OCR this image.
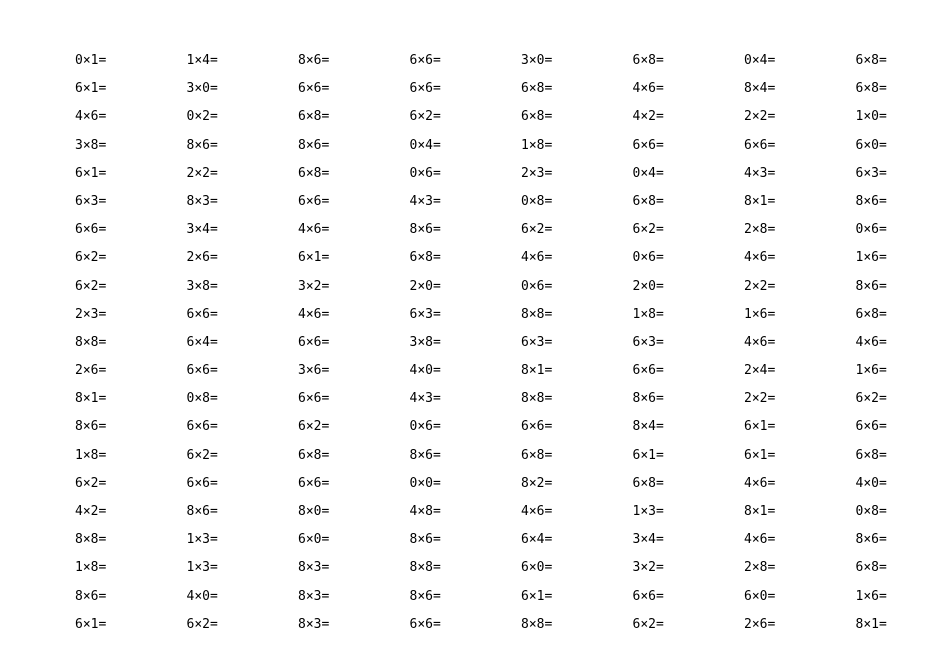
0×1=	1×4=	8×6=	6×6=	3×0=	6×8=	0×4=	6×8=
6×1=	3×0=	6×6=	6×6=	6×8=	4×6=	8×4=	6×8=
4×6=	0×2=	6×8=	6×2=	6×8=	4×2=	2×2=	1×0=
3×8=	8×6=	8×6=	0×4=	1×8=	6×6=	6×6=	6×0=
6×1=	2×2=	6×8=	0×6=	2×3=	0×4=	4×3=	6×3=
6×3=	8×3=	6×6=	4×3=	0×8=	6×8=	8×1=	8×6=
6×6=	3×4=	4×6=	8×6=	6×2=	6×2=	2×8=	0×6=
6×2=	2×6=	6×1=	6×8=	4×6=	0×6=	4×6=	1×6=
6×2=	3×8=	3×2=	2×0=	0×6=	2×0=	2×2=	8×6=
2×3=	6×6=	4×6=	6×3=	8×8=	1×8=	1×6=	6×8=
8×8=	6×4=	6×6=	3×8=	6×3=	6×3=	4×6=	4×6=
2×6=	6×6=	3×6=	4×0=	8×1=	6×6=	2×4=	1×6=
8×1=	0×8=	6×6=	4×3=	8×8=	8×6=	2×2=	6×2=
8×6=	6×6=	6×2=	0×6=	6×6=	8×4=	6×1=	6×6=
1×8=	6×2=	6×8=	8×6=	6×8=	6×1=	6×1=	6×8=
6×2=	6×6=	6×6=	0×0=	8×2=	6×8=	4×6=	4×0=
4×2=	8×6=	8×0=	4×8=	4×6=	1×3=	8×1=	0×8=
8×8=	1×3=	6×0=	8×6=	6×4=	3×4=	4×6=	8×6=
1×8=	1×3=	8×3=	8×8=	6×0=	3×2=	2×8=	6×8=
8×6=	4×0=	8×3=	8×6=	6×1=	6×6=	6×0=	1×6=
6×1=	6×2=	8×3=	6×6=	8×8=	6×2=	2×6=	8×1=
